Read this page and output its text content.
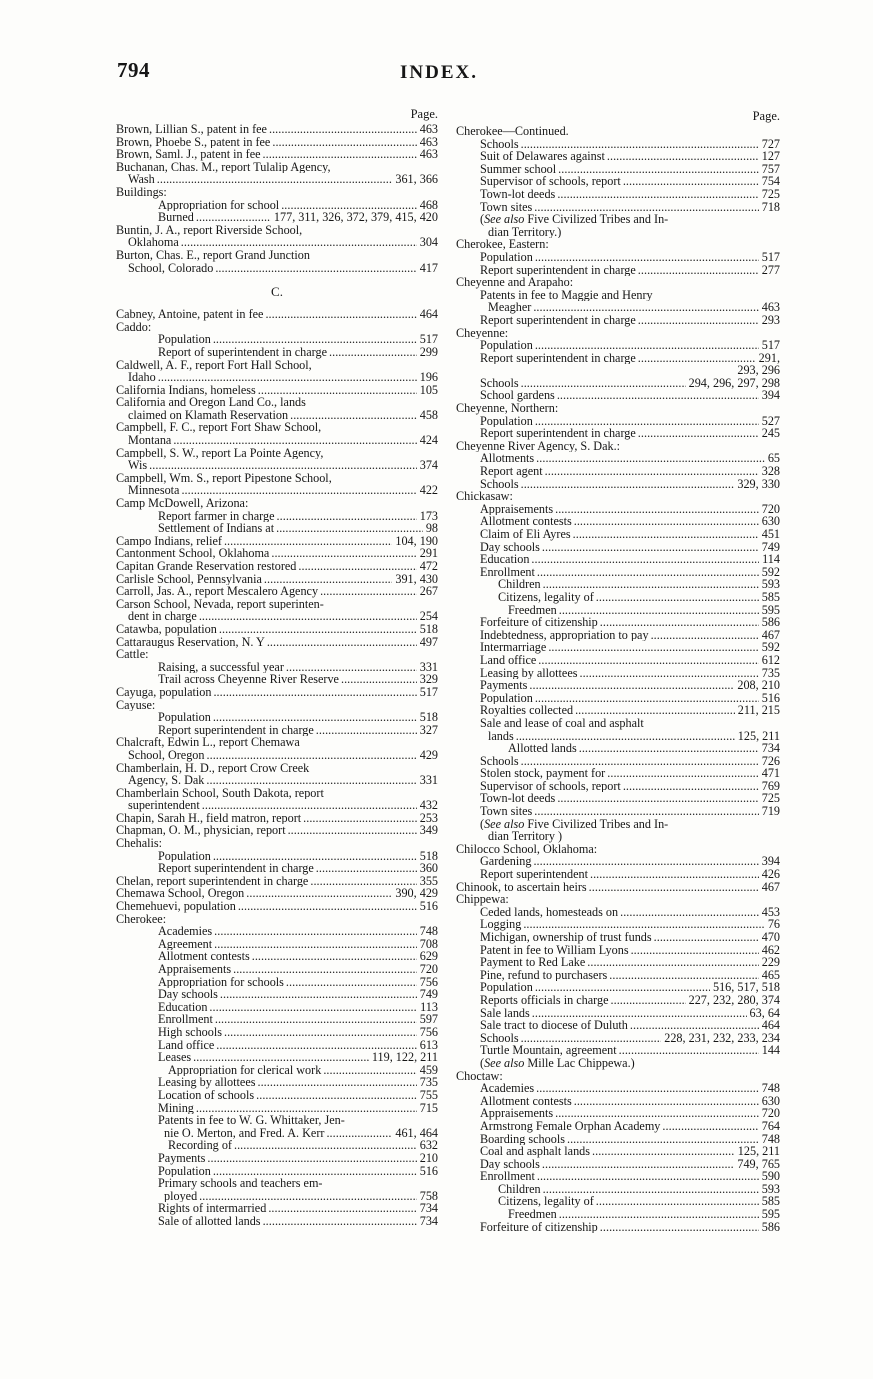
794	INDEX.
Page.
Brown, Lillian S., patent in fee . . .	463
Brown, Phoebe S., patent in fee . . .	463
Brown, Saml. J., patent in fee . . .	463
Buchanan, Chas. M., report Tulalip Agency,
Wash . . .	361, 366
Buildings:
Appropriation for school . . .	468
Burned . . .	177, 311, 326, 372, 379, 415, 420
Buntin, J. A., report Riverside School,
Oklahoma . . .	304
Burton, Chas. E., report Grand Junction
School, Colorado . . .	417
C.
Cabney, Antoine, patent in fee . . .	464
Caddo:
Population . . .	517
Report of superintendent in charge . . .	299
Caldwell, A. F., report Fort Hall School,
Idaho . . .	196
California Indians, homeless . . .	105
California and Oregon Land Co., lands
claimed on Klamath Reservation . . .	458
Campbell, F. C., report Fort Shaw School,
Montana . . .	424
Campbell, S. W., report La Pointe Agency,
Wis . . .	374
Campbell, Wm. S., report Pipestone School,
Minnesota . . .	422
Camp McDowell, Arizona:
Report farmer in charge . . .	173
Settlement of Indians at . . .	98
Campo Indians, relief . . .	104, 190
Cantonment School, Oklahoma . . .	291
Capitan Grande Reservation restored . . .	472
Carlisle School, Pennsylvania . . .	391, 430
Carroll, Jas. A., report Mescalero Agency . . .	267
Carson School, Nevada, report superinten-
dent in charge . . .	254
Catawba, population . . .	518
Cattaraugus Reservation, N. Y . . .	497
Cattle:
Raising, a successful year . . .	331
Trail across Cheyenne River Reserve . . .	329
Cayuga, population . . .	517
Cayuse:
Population . . .	518
Report superintendent in charge . . .	327
Chalcraft, Edwin L., report Chemawa
School, Oregon . . .	429
Chamberlain, H. D., report Crow Creek
Agency, S. Dak . . .	331
Chamberlain School, South Dakota, report
superintendent . . .	432
Chapin, Sarah H., field matron, report . . .	253
Chapman, O. M., physician, report . . .	349
Chehalis:
Population . . .	518
Report superintendent in charge . . .	360
Chelan, report superintendent in charge . . .	355
Chemawa School, Oregon . . .	390, 429
Chemehuevi, population . . .	516
Cherokee:
Academies . . .	748
Agreement . . .	708
Allotment contests . . .	629
Appraisements . . .	720
Appropriation for schools . . .	756
Day schools . . .	749
Education . . .	113
Enrollment . . .	597
High schools . . .	756
Land office . . .	613
Leases . . .	119, 122, 211
Appropriation for clerical work . . .	459
Leasing by allottees . . .	735
Location of schools . . .	755
Mining . . .	715
Patents in fee to W. G. Whittaker, Jen-
nie O. Merton, and Fred. A. Kerr . . .	461, 464
Recording of . . .	632
Payments . . .	210
Population . . .	516
Primary schools and teachers em-
ployed . . .	758
Rights of intermarried . . .	734
Sale of allotted lands . . .	734
Page.
Cherokee—Continued.
Schools . . .	727
Suit of Delawares against . . .	127
Summer school . . .	757
Supervisor of schools, report . . .	754
Town-lot deeds . . .	725
Town sites . . .	718
(See also Five Civilized Tribes and In-
dian Territory.)
Cherokee, Eastern:
Population . . .	517
Report superintendent in charge . . .	277
Cheyenne and Arapaho:
Patents in fee to Maggie and Henry
Meagher . . .	463
Report superintendent in charge . . .	293
Cheyenne:
Population . . .	517
Report superintendent in charge . . .	291,
293, 296
Schools . . .	294, 296, 297, 298
School gardens . . .	394
Cheyenne, Northern:
Population . . .	527
Report superintendent in charge . . .	245
Cheyenne River Agency, S. Dak.:
Allotments . . .	65
Report agent . . .	328
Schools . . .	329, 330
Chickasaw:
Appraisements . . .	720
Allotment contests . . .	630
Claim of Eli Ayres . . .	451
Day schools . . .	749
Education . . .	114
Enrollment . . .	592
Children . . .	593
Citizens, legality of . . .	585
Freedmen . . .	595
Forfeiture of citizenship . . .	586
Indebtedness, appropriation to pay . . .	467
Intermarriage . . .	592
Land office . . .	612
Leasing by allottees . . .	735
Payments . . .	208, 210
Population . . .	516
Royalties collected . . .	211, 215
Sale and lease of coal and asphalt
lands . . .	125, 211
Allotted lands . . .	734
Schools . . .	726
Stolen stock, payment for . . .	471
Supervisor of schools, report . . .	769
Town-lot deeds . . .	725
Town sites . . .	719
(See also Five Civilized Tribes and In-
dian Territory )
Chilocco School, Oklahoma:
Gardening . . .	394
Report superintendent . . .	426
Chinook, to ascertain heirs . . .	467
Chippewa:
Ceded lands, homesteads on . . .	453
Logging . . .	76
Michigan, ownership of trust funds . . .	470
Patent in fee to William Lyons . . .	462
Payment to Red Lake . . .	229
Pine, refund to purchasers . . .	465
Population . . .	516, 517, 518
Reports officials in charge . . .	227, 232, 280, 374
Sale lands . . .	63, 64
Sale tract to diocese of Duluth . . .	464
Schools . . .	228, 231, 232, 233, 234
Turtle Mountain, agreement . . .	144
(See also Mille Lac Chippewa.)
Choctaw:
Academies . . .	748
Allotment contests . . .	630
Appraisements . . .	720
Armstrong Female Orphan Academy . . .	764
Boarding schools . . .	748
Coal and asphalt lands . . .	125, 211
Day schools . . .	749, 765
Enrollment . . .	590
Children . . .	593
Citizens, legality of . . .	585
Freedmen . . .	595
Forfeiture of citizenship . . .	586
